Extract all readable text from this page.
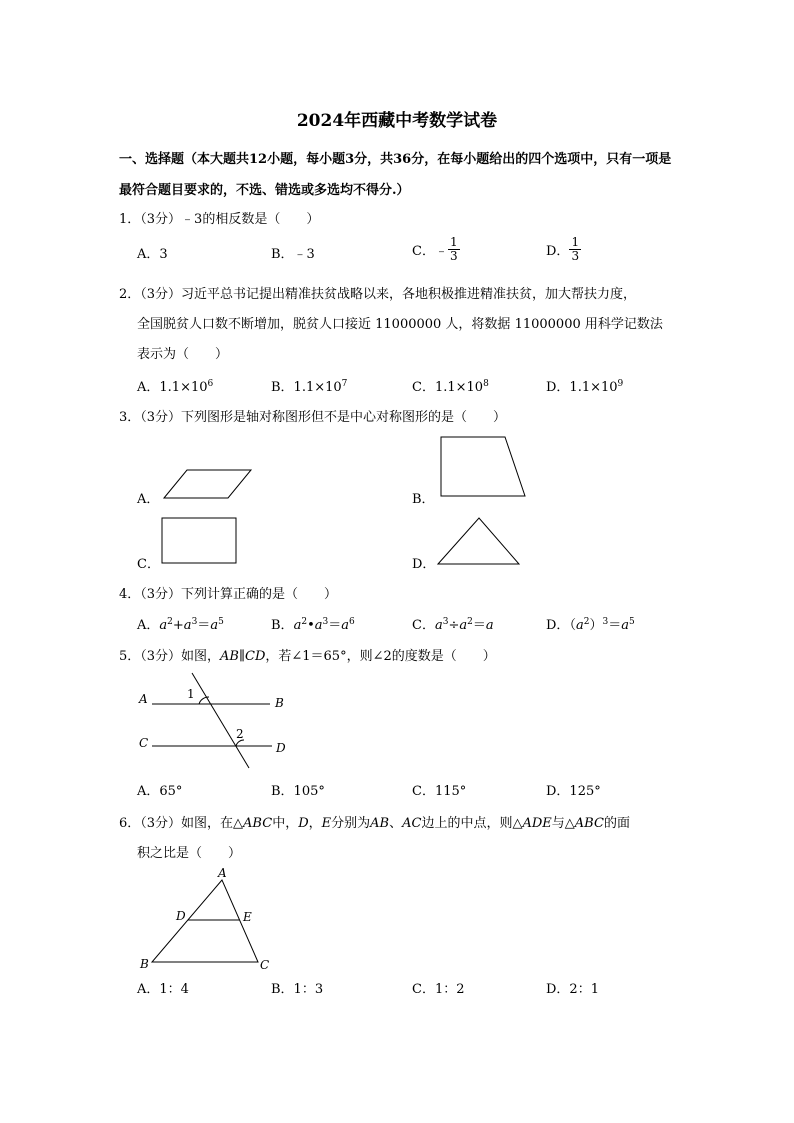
2024年西藏中考数学试卷
一、选择题（本大题共12小题，每小题3分，共36分，在每小题给出的四个选项中，只有一项是最符合题目要求的，不选、错选或多选均不得分.）
1．（3分）﹣3的相反数是（　　）
A．3	B．﹣3	C．﹣ $\frac{1}{3}$	D． $\frac{1}{3}$
2．（3分）习近平总书记提出精准扶贫战略以来，各地积极推进精准扶贫，加大帮扶力度，
全国脱贫人口数不断增加，脱贫人口接近 11000000 人，将数据 11000000 用科学记数法
表示为（　　）
A．$1.1\times 10^6$	B．$1.1\times 10^7$	C．$1.1\times 10^8$	D．$1.1\times 10^9$
3．（3分）下列图形是轴对称图形但不是中心对称图形的是（　　）
A．	B．
C．	D．
4．（3分）下列计算正确的是（　　）
A．$a^2+a^3=a^5$	B．$a^2•a^3=a^6$	C．$a^3\div a^2=a$	D．$(a^2)^3=a^5$
5．（3分）如图，AB∥CD，若∠1＝65°，则∠2的度数是（　　）
A	B
C	D
1
2
A．65°	B．105°	C．115°	D．125°
6．（3分）如图，在△ABC中，D，E分别为AB、AC边上的中点，则△ADE与△ABC的面
积之比是（　　）
A
B	C
D	E
A．1：4	B．1：3	C．1：2	D．2：1
